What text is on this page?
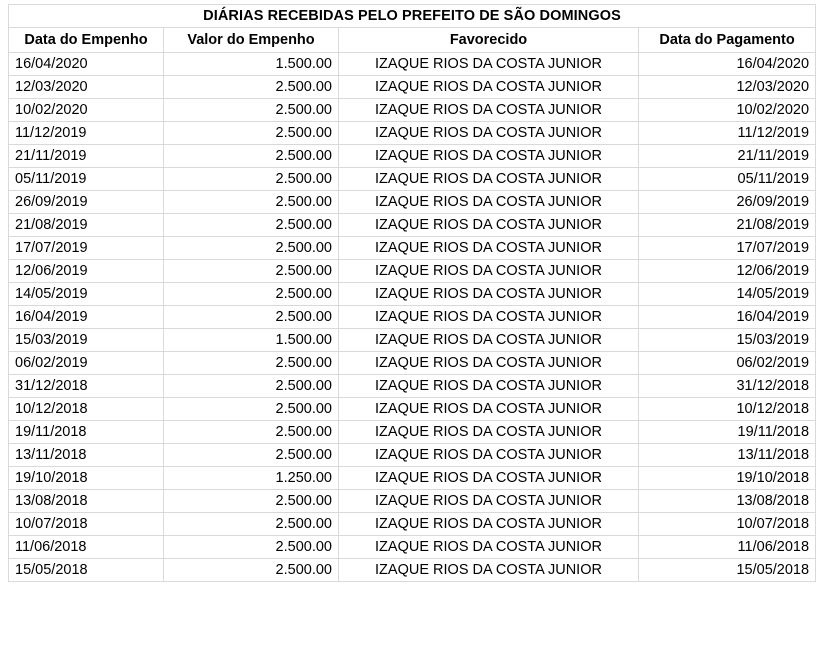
DIÁRIAS RECEBIDAS PELO PREFEITO DE SÃO DOMINGOS			
Data do Empenho	Valor do Empenho	Favorecido	Data do Pagamento
16/04/2020	1.500.00	IZAQUE RIOS DA COSTA JUNIOR	16/04/2020
12/03/2020	2.500.00	IZAQUE RIOS DA COSTA JUNIOR	12/03/2020
10/02/2020	2.500.00	IZAQUE RIOS DA COSTA JUNIOR	10/02/2020
11/12/2019	2.500.00	IZAQUE RIOS DA COSTA JUNIOR	11/12/2019
21/11/2019	2.500.00	IZAQUE RIOS DA COSTA JUNIOR	21/11/2019
05/11/2019	2.500.00	IZAQUE RIOS DA COSTA JUNIOR	05/11/2019
26/09/2019	2.500.00	IZAQUE RIOS DA COSTA JUNIOR	26/09/2019
21/08/2019	2.500.00	IZAQUE RIOS DA COSTA JUNIOR	21/08/2019
17/07/2019	2.500.00	IZAQUE RIOS DA COSTA JUNIOR	17/07/2019
12/06/2019	2.500.00	IZAQUE RIOS DA COSTA JUNIOR	12/06/2019
14/05/2019	2.500.00	IZAQUE RIOS DA COSTA JUNIOR	14/05/2019
16/04/2019	2.500.00	IZAQUE RIOS DA COSTA JUNIOR	16/04/2019
15/03/2019	1.500.00	IZAQUE RIOS DA COSTA JUNIOR	15/03/2019
06/02/2019	2.500.00	IZAQUE RIOS DA COSTA JUNIOR	06/02/2019
31/12/2018	2.500.00	IZAQUE RIOS DA COSTA JUNIOR	31/12/2018
10/12/2018	2.500.00	IZAQUE RIOS DA COSTA JUNIOR	10/12/2018
19/11/2018	2.500.00	IZAQUE RIOS DA COSTA JUNIOR	19/11/2018
13/11/2018	2.500.00	IZAQUE RIOS DA COSTA JUNIOR	13/11/2018
19/10/2018	1.250.00	IZAQUE RIOS DA COSTA JUNIOR	19/10/2018
13/08/2018	2.500.00	IZAQUE RIOS DA COSTA JUNIOR	13/08/2018
10/07/2018	2.500.00	IZAQUE RIOS DA COSTA JUNIOR	10/07/2018
11/06/2018	2.500.00	IZAQUE RIOS DA COSTA JUNIOR	11/06/2018
15/05/2018	2.500.00	IZAQUE RIOS DA COSTA JUNIOR	15/05/2018
